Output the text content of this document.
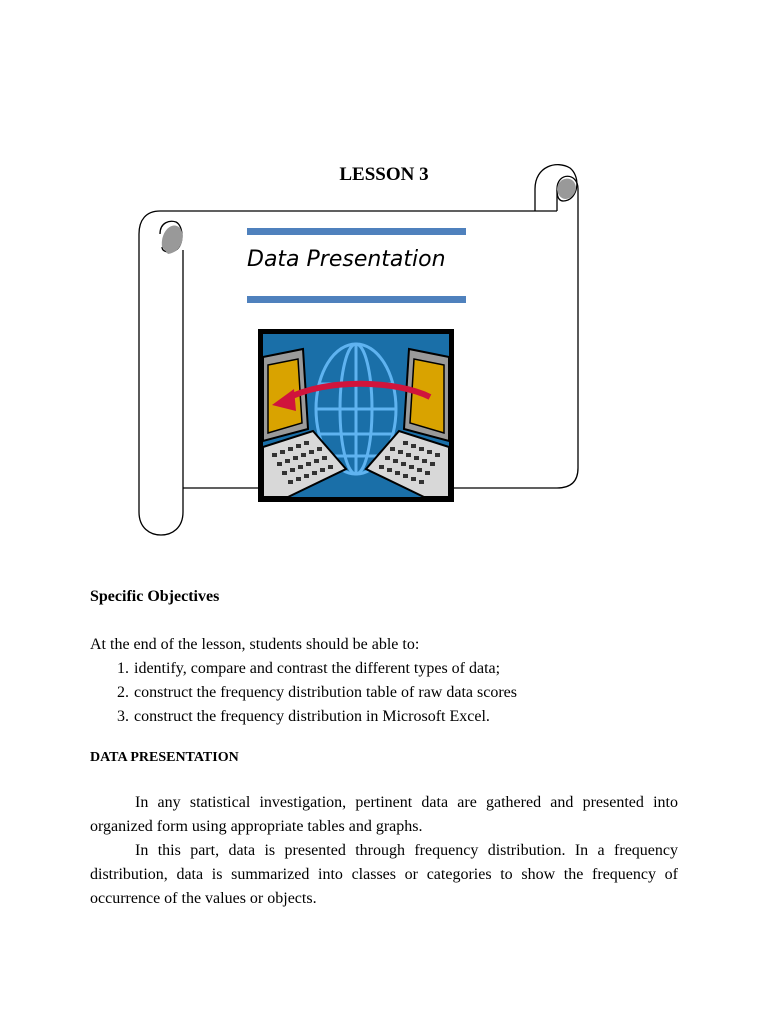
LESSON 3
Data Presentation
Specific Objectives
At the end of the lesson, students should be able to:
1. identify, compare and contrast the different types of data;
2. construct the frequency distribution table of raw data scores
3. construct the frequency distribution in Microsoft Excel.
DATA PRESENTATION

In any statistical investigation, pertinent data are gathered and presented into organized form using appropriate tables and graphs.

In this part, data is presented through frequency distribution. In a frequency distribution, data is summarized into classes or categories to show the frequency of occurrence of the values or objects.
